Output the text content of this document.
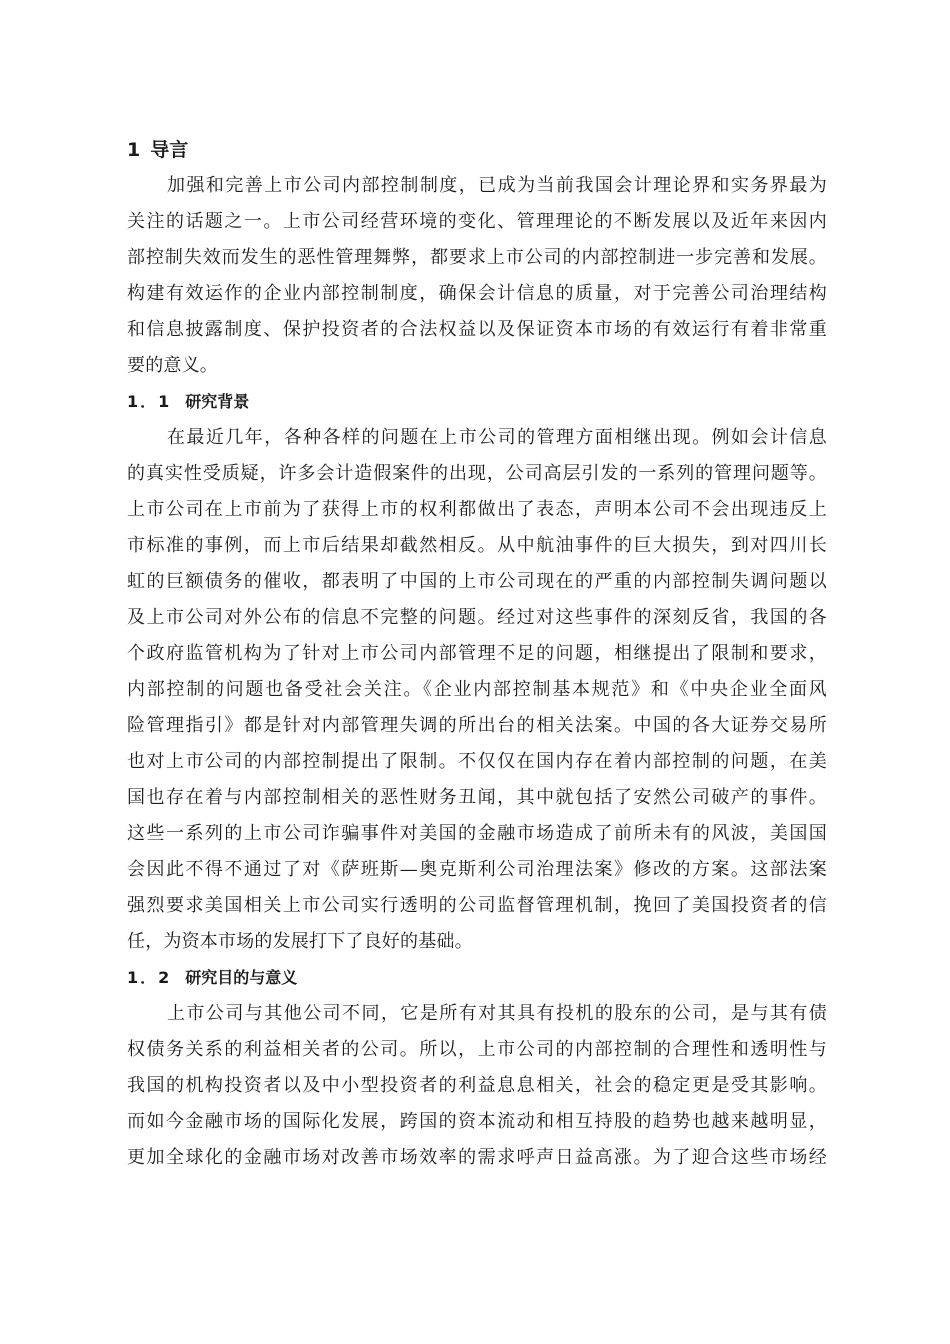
1 导言
加强和完善上市公司内部控制制度，已成为当前我国会计理论界和实务界最为
关注的话题之一。上市公司经营环境的变化、管理理论的不断发展以及近年来因内
部控制失效而发生的恶性管理舞弊，都要求上市公司的内部控制进一步完善和发展。
构建有效运作的企业内部控制制度，确保会计信息的质量，对于完善公司治理结构
和信息披露制度、保护投资者的合法权益以及保证资本市场的有效运行有着非常重
要的意义。
1．1 研究背景
在最近几年，各种各样的问题在上市公司的管理方面相继出现。例如会计信息
的真实性受质疑，许多会计造假案件的出现，公司高层引发的一系列的管理问题等。
上市公司在上市前为了获得上市的权利都做出了表态，声明本公司不会出现违反上
市标准的事例，而上市后结果却截然相反。从中航油事件的巨大损失，到对四川长
虹的巨额债务的催收，都表明了中国的上市公司现在的严重的内部控制失调问题以
及上市公司对外公布的信息不完整的问题。经过对这些事件的深刻反省，我国的各
个政府监管机构为了针对上市公司内部管理不足的问题，相继提出了限制和要求，
内部控制的问题也备受社会关注。《企业内部控制基本规范》和《中央企业全面风
险管理指引》都是针对内部管理失调的所出台的相关法案。中国的各大证券交易所
也对上市公司的内部控制提出了限制。不仅仅在国内存在着内部控制的问题，在美
国也存在着与内部控制相关的恶性财务丑闻，其中就包括了安然公司破产的事件。
这些一系列的上市公司诈骗事件对美国的金融市场造成了前所未有的风波，美国国
会因此不得不通过了对《萨班斯—奥克斯利公司治理法案》修改的方案。这部法案
强烈要求美国相关上市公司实行透明的公司监督管理机制，挽回了美国投资者的信
任，为资本市场的发展打下了良好的基础。
1．2 研究目的与意义
上市公司与其他公司不同，它是所有对其具有投机的股东的公司，是与其有债
权债务关系的利益相关者的公司。所以，上市公司的内部控制的合理性和透明性与
我国的机构投资者以及中小型投资者的利益息息相关，社会的稳定更是受其影响。
而如今金融市场的国际化发展，跨国的资本流动和相互持股的趋势也越来越明显，
更加全球化的金融市场对改善市场效率的需求呼声日益高涨。为了迎合这些市场经
